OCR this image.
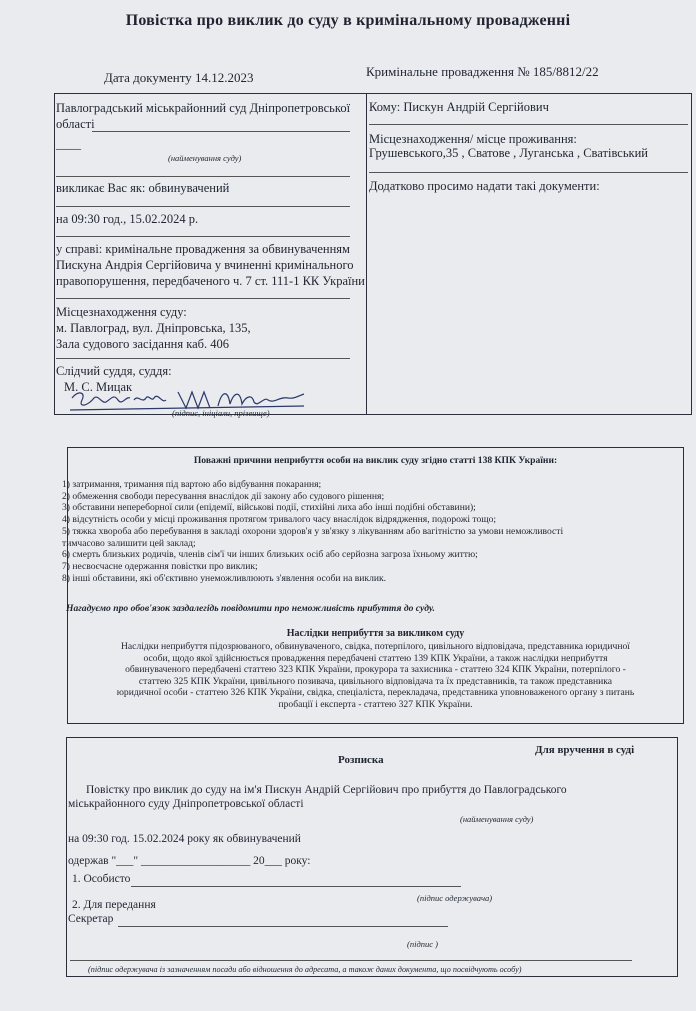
Повістка про виклик до суду в кримінальному провадженні
Дата документу 14.12.2023	Кримінальне провадження № 185/8812/22
Павлоградський міськрайонний суд Дніпропетровської
області
____
(найменування суду)
викликає Вас як: обвинувачений
на 09:30 год., 15.02.2024 р.
у справі: кримінальне провадження за обвинуваченням
Пискуна Андрія Сергійовича у вчиненні кримінального
правопорушення, передбаченого ч. 7 ст. 111-1 КК України
Місцезнаходження суду:
м. Павлоград, вул. Дніпровська, 135,
Зала судового засідання каб. 406
Слідчий суддя, суддя:
М. С. Мицак
(підпис, ініціали, прізвище)
Кому: Пискун Андрій Сергійович
Місцезнаходження/ місце проживання:
Грушевського,35 , Сватове , Луганська , Сватівський
Додатково просимо надати такі документи:
Поважні причини неприбуття особи на виклик суду згідно статті 138 КПК України:
1) затримання, тримання під вартою або відбування покарання;
2) обмеження свободи пересування внаслідок дії закону або судового рішення;
3) обставини непереборної сили (епідемії, військові події, стихійні лиха або інші подібні обставини);
4) відсутність особи у місці проживання протягом тривалого часу внаслідок відрядження, подорожі тощо;
5) тяжка хвороба або перебування в закладі охорони здоров'я у зв'язку з лікуванням або вагітністю за умови неможливості
тимчасово залишити цей заклад;
6) смерть близьких родичів, членів сім'ї чи інших близьких осіб або серйозна загроза їхньому життю;
7) несвоєчасне одержання повістки про виклик;
8) інші обставини, які об'єктивно унеможливлюють з'явлення особи на виклик.
Нагадуємо про обов'язок заздалегідь повідомити про неможливість прибуття до суду.
Наслідки неприбуття за викликом суду
Наслідки неприбуття підозрюваного, обвинуваченого, свідка, потерпілого, цивільного відповідача, представника юридичної
особи, щодо якої здійснюється провадження передбачені статтею 139 КПК України, а також наслідки неприбуття
обвинуваченого передбачені статтею 323 КПК України, прокурора та захисника - статтею 324 КПК України, потерпілого -
статтею 325 КПК України, цивільного позивача, цивільного відповідача та їх представників, та також представника
юридичної особи - статтею 326 КПК України, свідка, спеціаліста, перекладача, представника уповноваженого органу з питань
пробації і експерта - статтею 327 КПК України.
Для вручення в суді
Розписка
Повістку про виклик до суду на ім'я Пискун Андрій Сергійович про прибуття до Павлоградського
міськрайонного суду Дніпропетровської області
(найменування суду)
на 09:30 год. 15.02.2024 року як обвинувачений
одержав "___" ___________________ 20___ року:
1. Особисто
(підпис одержувача)
2. Для передання
Секретар
(підпис )
(підпис одержувача із зазначенням посади або відношення до адресата, а також даних документа, що посвідчують особу)
